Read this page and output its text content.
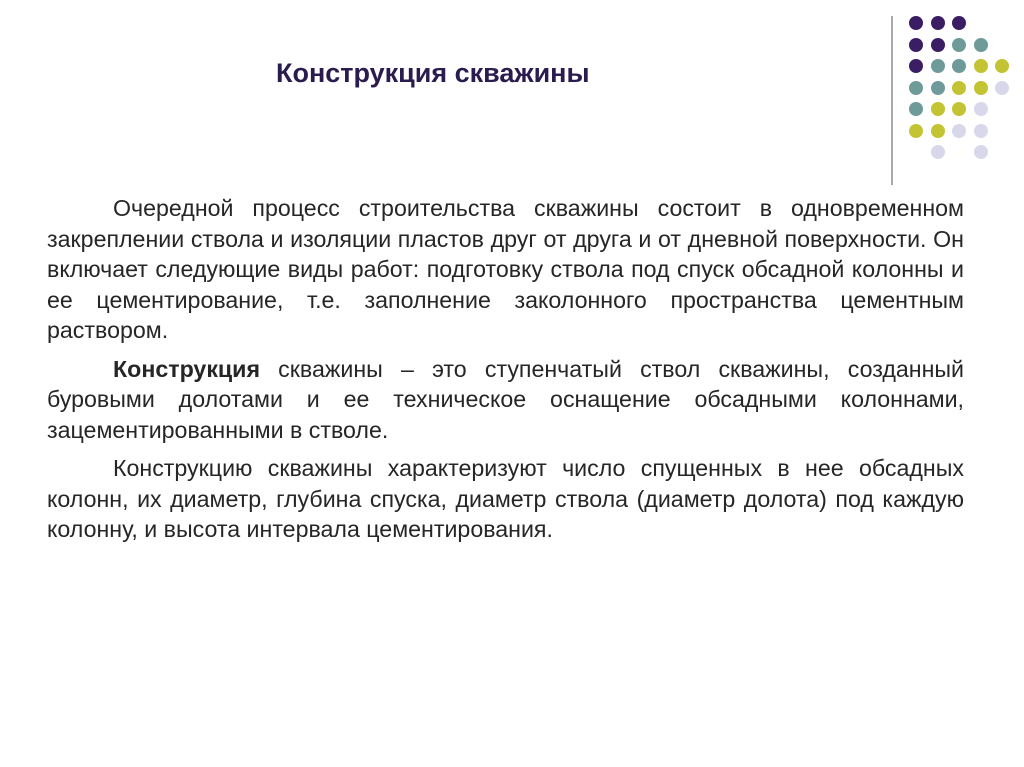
Конструкция скважины

Очередной процесс строительства скважины состоит в одновременном закреплении ствола и изоляции пластов друг от друга и от дневной поверхности. Он включает следующие виды работ: подготовку ствола под спуск обсадной колонны и ее цементирование, т.е. заполнение заколонного пространства цементным раствором.

Конструкция скважины – это ступенчатый ствол скважины, созданный буровыми долотами и ее техническое оснащение обсадными колоннами, зацементированными в стволе.

Конструкцию скважины характеризуют число спущенных в нее обсадных колонн, их диаметр, глубина спуска, диаметр ствола (диаметр долота) под каждую колонну, и высота интервала цементирования.
